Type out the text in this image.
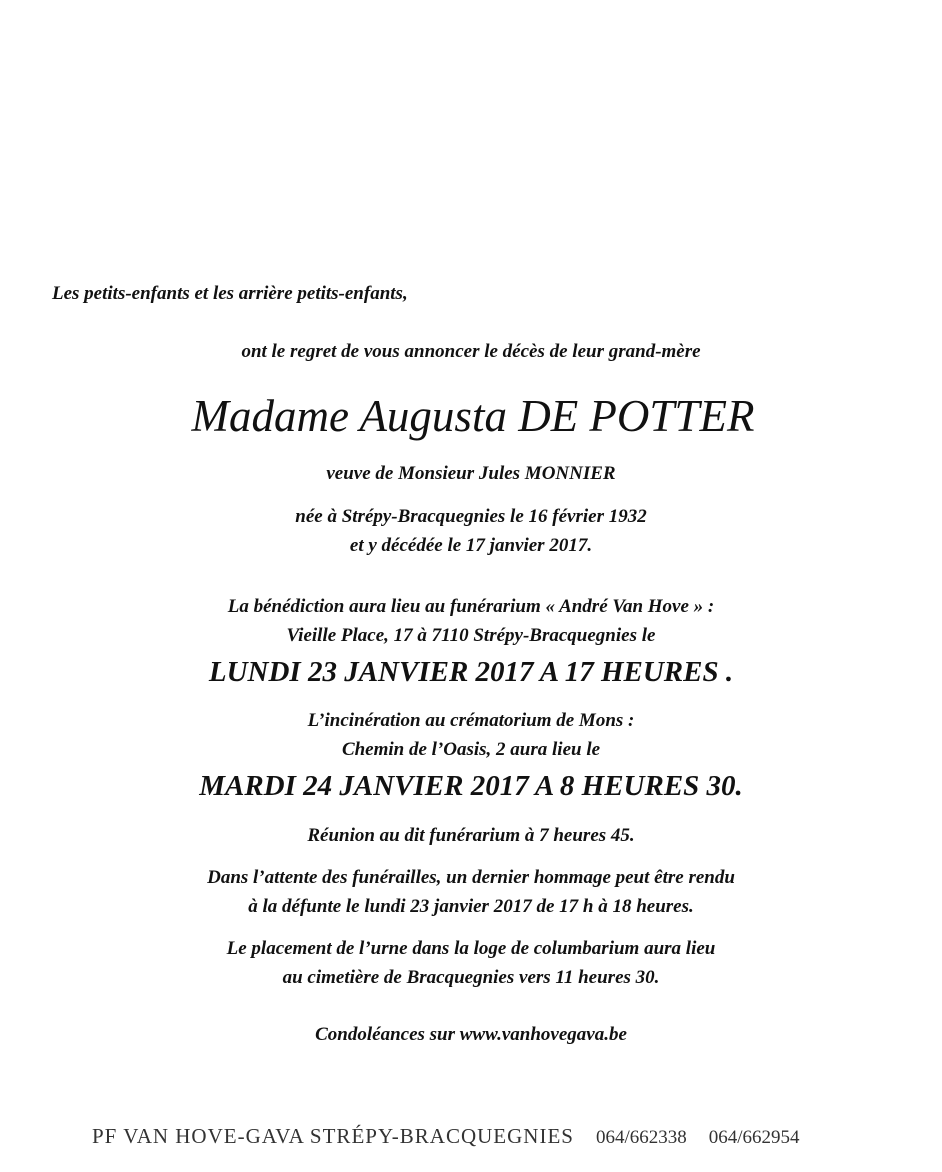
Les petits-enfants et les arrière petits-enfants,
ont le regret de vous annoncer le décès de leur grand-mère
Madame Augusta DE POTTER
veuve de Monsieur Jules MONNIER
née à Strépy-Bracquegnies le 16 février 1932
et y décédée le 17 janvier 2017.
La bénédiction aura lieu au funérarium « André Van Hove » :
Vieille Place, 17 à 7110 Strépy-Bracquegnies le
LUNDI 23 JANVIER 2017 A 17 HEURES .
L’incinération au crématorium de Mons :
Chemin de l’Oasis, 2 aura lieu le
MARDI 24 JANVIER 2017 A 8 HEURES 30.
Réunion au dit funérarium à 7 heures 45.
Dans l’attente des funérailles, un dernier hommage peut être rendu
à la défunte le lundi 23 janvier 2017 de 17 h à 18 heures.
Le placement de l’urne dans la loge de columbarium aura lieu
au cimetière de Bracquegnies vers 11 heures 30.
Condoléances sur www.vanhovegava.be
PF VAN HOVE-GAVA STRÉPY-BRACQUEGNIES 064/662338 064/662954
